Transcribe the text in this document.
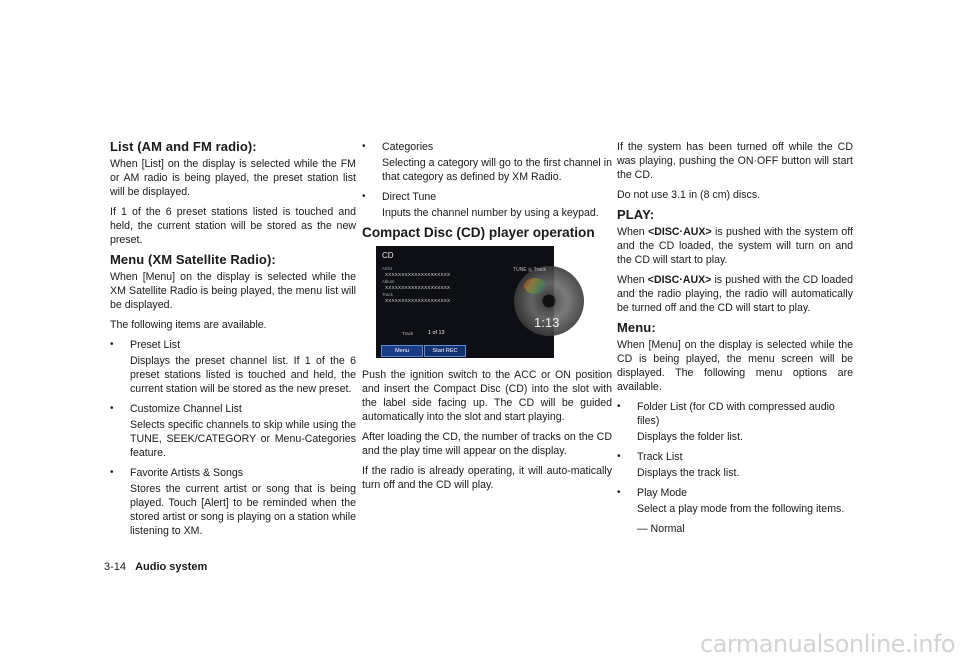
List (AM and FM radio):

When [List] on the display is selected while the FM or AM radio is being played, the preset station list will be displayed.

If 1 of the 6 preset stations listed is touched and held, the current station will be stored as the new preset.

Menu (XM Satellite Radio):

When [Menu] on the display is selected while the XM Satellite Radio is being played, the menu list will be displayed.

The following items are available.

• Preset List

Displays the preset channel list. If 1 of the 6 preset stations listed is touched and held, the current station will be stored as the new preset.

• Customize Channel List

Selects specific channels to skip while using the TUNE, SEEK/CATEGORY or Menu-Categories feature.

• Favorite Artists & Songs

Stores the current artist or song that is being played. Touch [Alert] to be reminded when the stored artist or song is playing on a station while listening to XM.

• Categories

Selecting a category will go to the first channel in that category as defined by XM Radio.

• Direct Tune

Inputs the channel number by using a keypad.

Compact Disc (CD) player operation
CD
TUNE ◎ Track
Artist
XXXXXXXXXXXXXXXXXXXX
Album
XXXXXXXXXXXXXXXXXXXX
Track
XXXXXXXXXXXXXXXXXXXX
Track	1 of 13
1:13
Menu	Start REC

Push the ignition switch to the ACC or ON position and insert the Compact Disc (CD) into the slot with the label side facing up. The CD will be guided automatically into the slot and start playing.

After loading the CD, the number of tracks on the CD and the play time will appear on the display.

If the radio is already operating, it will auto-matically turn off and the CD will play.

If the system has been turned off while the CD was playing, pushing the ON·OFF button will start the CD.

Do not use 3.1 in (8 cm) discs.

PLAY:

When <DISC·AUX> is pushed with the system off and the CD loaded, the system will turn on and the CD will start to play.

When <DISC·AUX> is pushed with the CD loaded and the radio playing, the radio will automatically be turned off and the CD will start to play.

Menu:

When [Menu] on the display is selected while the CD is being played, the menu screen will be displayed. The following menu options are available.

• Folder List (for CD with compressed audio files)

Displays the folder list.

• Track List

Displays the track list.

• Play Mode

Select a play mode from the following items.

— Normal

3-14 Audio system
carmanualsonline.info
